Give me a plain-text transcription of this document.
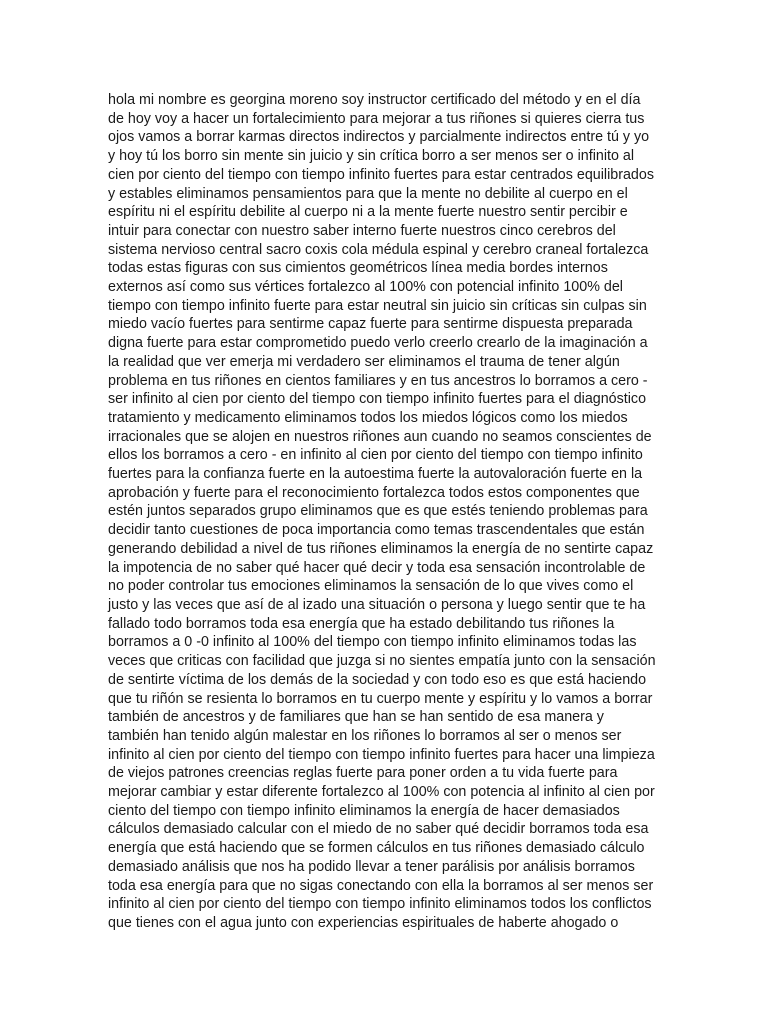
hola mi nombre es georgina moreno soy instructor certificado del método y en el día
de hoy voy a hacer un fortalecimiento para mejorar a tus riñones si quieres cierra tus
ojos vamos a borrar karmas directos indirectos y parcialmente indirectos entre tú y yo
y hoy tú los borro sin mente sin juicio y sin crítica borro a ser menos ser o infinito al
cien por ciento del tiempo con tiempo infinito fuertes para estar centrados equilibrados
y estables eliminamos pensamientos para que la mente no debilite al cuerpo en el
espíritu ni el espíritu debilite al cuerpo ni a la mente fuerte nuestro sentir percibir e
intuir para conectar con nuestro saber interno fuerte nuestros cinco cerebros del
sistema nervioso central sacro coxis cola médula espinal y cerebro craneal fortalezca
todas estas figuras con sus cimientos geométricos línea media bordes internos
externos así como sus vértices fortalezco al 100% con potencial infinito 100% del
tiempo con tiempo infinito fuerte para estar neutral sin juicio sin críticas sin culpas sin
miedo vacío fuertes para sentirme capaz fuerte para sentirme dispuesta preparada
digna fuerte para estar comprometido puedo verlo creerlo crearlo de la imaginación a
la realidad que ver emerja mi verdadero ser eliminamos el trauma de tener algún
problema en tus riñones en cientos familiares y en tus ancestros lo borramos a cero -
ser infinito al cien por ciento del tiempo con tiempo infinito fuertes para el diagnóstico
tratamiento y medicamento eliminamos todos los miedos lógicos como los miedos
irracionales que se alojen en nuestros riñones aun cuando no seamos conscientes de
ellos los borramos a cero - en infinito al cien por ciento del tiempo con tiempo infinito
fuertes para la confianza fuerte en la autoestima fuerte la autovaloración fuerte en la
aprobación y fuerte para el reconocimiento fortalezca todos estos componentes que
estén juntos separados grupo eliminamos que es que estés teniendo problemas para
decidir tanto cuestiones de poca importancia como temas trascendentales que están
generando debilidad a nivel de tus riñones eliminamos la energía de no sentirte capaz
la impotencia de no saber qué hacer qué decir y toda esa sensación incontrolable de
no poder controlar tus emociones eliminamos la sensación de lo que vives como el
justo y las veces que así de al izado una situación o persona y luego sentir que te ha
fallado todo borramos toda esa energía que ha estado debilitando tus riñones la
borramos a 0 -0 infinito al 100% del tiempo con tiempo infinito eliminamos todas las
veces que criticas con facilidad que juzga si no sientes empatía junto con la sensación
de sentirte víctima de los demás de la sociedad y con todo eso es que está haciendo
que tu riñón se resienta lo borramos en tu cuerpo mente y espíritu y lo vamos a borrar
también de ancestros y de familiares que han se han sentido de esa manera y
también han tenido algún malestar en los riñones lo borramos al ser o menos ser
infinito al cien por ciento del tiempo con tiempo infinito fuertes para hacer una limpieza
de viejos patrones creencias reglas fuerte para poner orden a tu vida fuerte para
mejorar cambiar y estar diferente fortalezco al 100% con potencia al infinito al cien por
ciento del tiempo con tiempo infinito eliminamos la energía de hacer demasiados
cálculos demasiado calcular con el miedo de no saber qué decidir borramos toda esa
energía que está haciendo que se formen cálculos en tus riñones demasiado cálculo
demasiado análisis que nos ha podido llevar a tener parálisis por análisis borramos
toda esa energía para que no sigas conectando con ella la borramos al ser menos ser
infinito al cien por ciento del tiempo con tiempo infinito eliminamos todos los conflictos
que tienes con el agua junto con experiencias espirituales de haberte ahogado o
